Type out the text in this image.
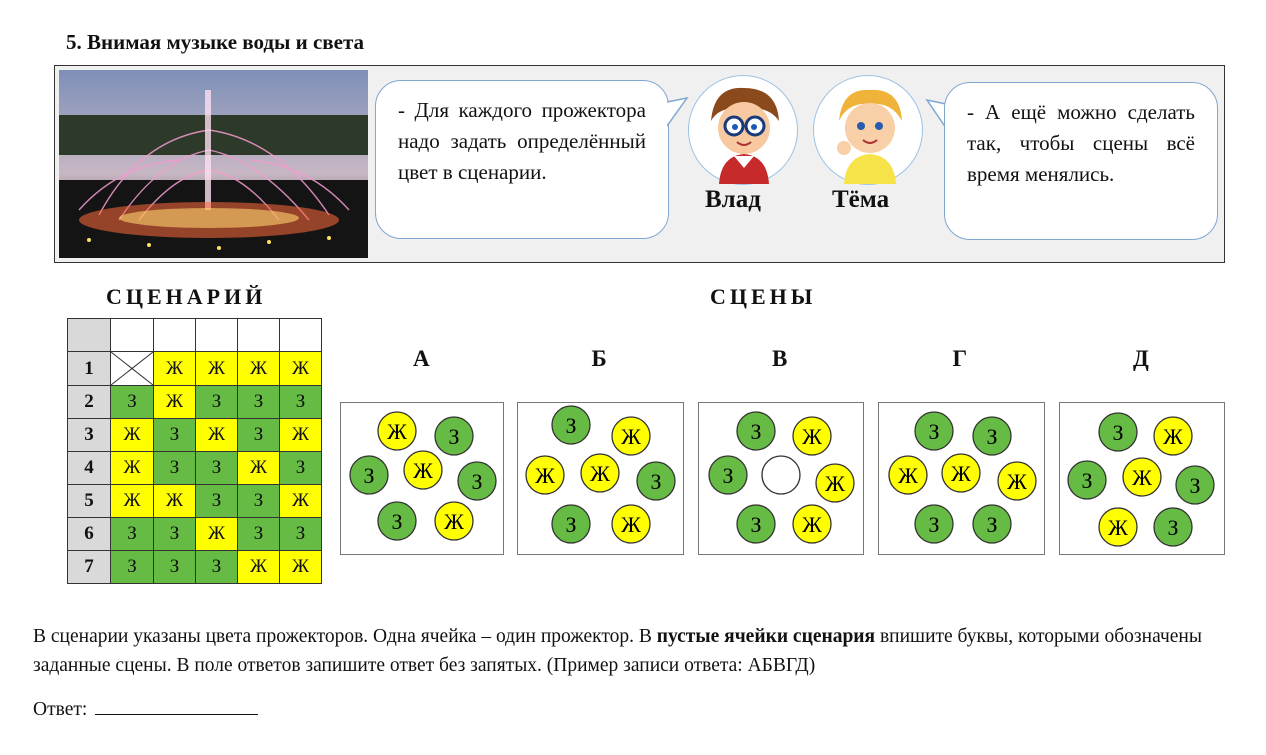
5. Внимая музыке воды и света
- Для каждого прожектора надо задать определённый цвет в сценарии.
Влад	Тёма
- А ещё можно сделать так, чтобы сцены всё время менялись.
СЦЕНАРИЙ	СЦЕНЫ

1		Ж	Ж	Ж	Ж
2	З	Ж	З	З	З
3	Ж	З	Ж	З	Ж
4	Ж	З	З	Ж	З
5	Ж	Ж	З	З	Ж
6	З	З	Ж	З	З
7	З	З	З	Ж	Ж
А
Ж З
З Ж З
З Ж
Б
З Ж
Ж Ж З
З Ж
В
З Ж
З	Ж
З Ж
Г
З З
Ж Ж Ж
З З
Д
З Ж
З Ж З
Ж З
В сценарии указаны цвета прожекторов. Одна ячейка – один прожектор. В пустые ячейки сценария впишите буквы, которыми обозначены заданные сцены. В поле ответов запишите ответ без запятых. (Пример записи ответа: АБВГД)
Ответ:
